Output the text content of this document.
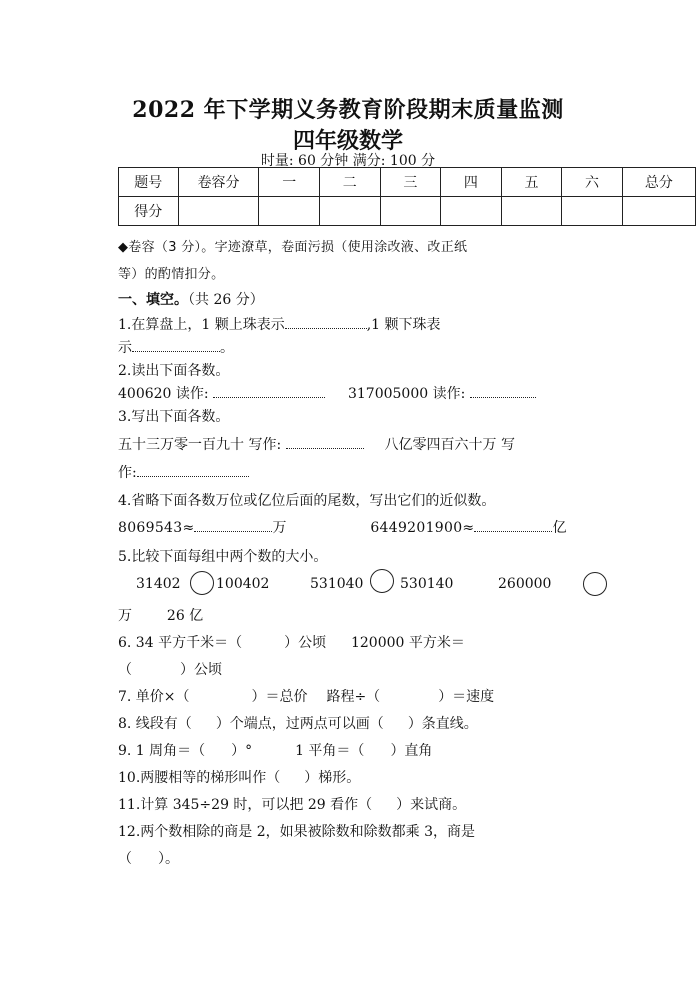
2022 年下学期义务教育阶段期末质量监测
四年级数学
时量: 60 分钟 满分: 100 分
题号	卷容分	一	二	三	四	五	六	总分
得分								
◆卷容（3 分）。字迹潦草，卷面污损（使用涂改液、改正纸
等）的酌情扣分。
一、填空。（共 26 分）
1.在算盘上，1 颗上珠表示	,1 颗下珠表
示	。
2.读出下面各数。
400620 读作:	317005000 读作:
3.写出下面各数。
五十三万零一百九十 写作:	八亿零四百六十万 写
作:
4.省略下面各数万位或亿位后面的尾数，写出它们的近似数。
8069543≈	万	6449201900≈	亿
5.比较下面每组中两个数的大小。
31402	100402	531040	530140	260000
万 26 亿
6. 34 平方千米＝（	）公顷 120000 平方米＝
（	）公顷
7. 单价×（	）＝总价 路程÷（	）＝速度
8. 线段有（ ）个端点，过两点可以画（ ）条直线。
9. 1 周角＝（ ）°	1 平角＝（ ）直角
10.两腰相等的梯形叫作（ ）梯形。
11.计算 345÷29 时，可以把 29 看作（ ）来试商。
12.两个数相除的商是 2，如果被除数和除数都乘 3，商是
（ ）。
